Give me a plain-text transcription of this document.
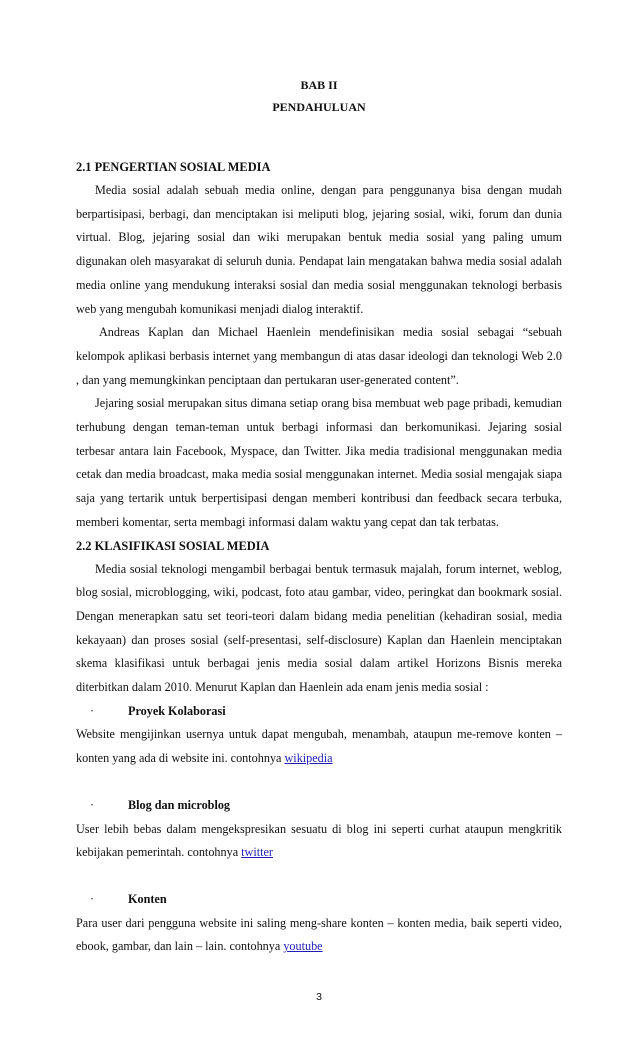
BAB II
PENDAHULUAN
2.1 PENGERTIAN SOSIAL MEDIA

Media sosial adalah sebuah media online, dengan para penggunanya bisa dengan mudah berpartisipasi, berbagi, dan menciptakan isi meliputi blog, jejaring sosial, wiki, forum dan dunia virtual. Blog, jejaring sosial dan wiki merupakan bentuk media sosial yang paling umum digunakan oleh masyarakat di seluruh dunia. Pendapat lain mengatakan bahwa media sosial adalah media online yang mendukung interaksi sosial dan media sosial menggunakan teknologi berbasis web yang mengubah komunikasi menjadi dialog interaktif.

Andreas Kaplan dan Michael Haenlein mendefinisikan media sosial sebagai “sebuah kelompok aplikasi berbasis internet yang membangun di atas dasar ideologi dan teknologi Web 2.0 , dan yang memungkinkan penciptaan dan pertukaran user-generated content”.

Jejaring sosial merupakan situs dimana setiap orang bisa membuat web page pribadi, kemudian terhubung dengan teman-teman untuk berbagi informasi dan berkomunikasi. Jejaring sosial terbesar antara lain Facebook, Myspace, dan Twitter. Jika media tradisional menggunakan media cetak dan media broadcast, maka media sosial menggunakan internet. Media sosial mengajak siapa saja yang tertarik untuk berpertisipasi dengan memberi kontribusi dan feedback secara terbuka, memberi komentar, serta membagi informasi dalam waktu yang cepat dan tak terbatas.

2.2 KLASIFIKASI SOSIAL MEDIA

Media sosial teknologi mengambil berbagai bentuk termasuk majalah, forum internet, weblog, blog sosial, microblogging, wiki, podcast, foto atau gambar, video, peringkat dan bookmark sosial. Dengan menerapkan satu set teori-teori dalam bidang media penelitian (kehadiran sosial, media kekayaan) dan proses sosial (self-presentasi, self-disclosure) Kaplan dan Haenlein menciptakan skema klasifikasi untuk berbagai jenis media sosial dalam artikel Horizons Bisnis mereka diterbitkan dalam 2010. Menurut Kaplan dan Haenlein ada enam jenis media sosial :

·	Proyek Kolaborasi

Website mengijinkan usernya untuk dapat mengubah, menambah, ataupun me-remove konten – konten yang ada di website ini. contohnya wikipedia

·	Blog dan microblog

User lebih bebas dalam mengekspresikan sesuatu di blog ini seperti curhat ataupun mengkritik kebijakan pemerintah. contohnya twitter

·	Konten

Para user dari pengguna website ini saling meng-share konten – konten media, baik seperti video, ebook, gambar, dan lain – lain. contohnya youtube

3
